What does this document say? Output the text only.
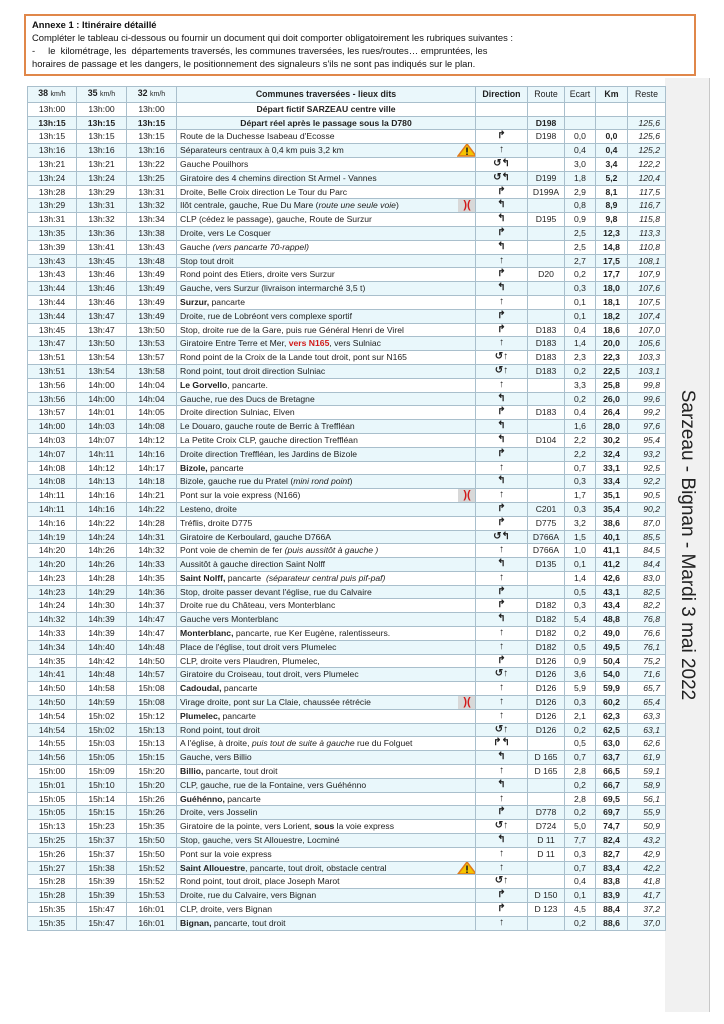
Annexe 1 : Itinéraire détaillé
Compléter le tableau ci-dessous ou fournir un document qui doit comporter obligatoirement les rubriques suivantes :
-     le  kilométrage, les  départements traversés, les communes traversées, les rues/routes… empruntées, les
horaires de passage et les dangers, le positionnement des signaleurs s'ils ne sont pas indiqués sur le plan.
Sarzeau - Bignan - Mardi 3 mai 2022
38 km/h	35 km/h	32 km/h	Communes traversées - lieux dits	Direction	Route	Ecart	Km	Reste
13h:00	13h:00	13h:00	Départ fictif SARZEAU centre ville					
13h:15	13h:15	13h:15	Départ réel après le passage sous la D780		D198			125,6
13h:15	13h:15	13h:15	Route de la Duchesse Isabeau d'Ecosse	↱	D198	0,0	0,0	125,6
13h:16	13h:16	13h:16	Séparateurs centraux à 0,4 km puis 3,2 km	↑		0,4	0,4	125,2
13h:21	13h:21	13h:22	Gauche Pouilhors	↺↰		3,0	3,4	122,2
13h:24	13h:24	13h:25	Giratoire des 4 chemins direction St Armel - Vannes	↺↰	D199	1,8	5,2	120,4
13h:28	13h:29	13h:31	Droite, Belle Croix direction Le Tour du Parc	↱	D199A	2,9	8,1	117,5
13h:29	13h:31	13h:32	Ilôt centrale, gauche, Rue Du Mare (route une seule voie) )(	↰		0,8	8,9	116,7
13h:31	13h:32	13h:34	CLP (cédez le passage), gauche, Route de Surzur	↰	D195	0,9	9,8	115,8
13h:35	13h:36	13h:38	Droite, vers Le Cosquer	↱		2,5	12,3	113,3
13h:39	13h:41	13h:43	Gauche (vers pancarte 70-rappel)	↰		2,5	14,8	110,8
13h:43	13h:45	13h:48	Stop tout droit	↑		2,7	17,5	108,1
13h:43	13h:46	13h:49	Rond point des Etiers, droite vers Surzur	↱	D20	0,2	17,7	107,9
13h:44	13h:46	13h:49	Gauche, vers Surzur (livraison intermarché 3,5 t)	↰		0,3	18,0	107,6
13h:44	13h:46	13h:49	Surzur, pancarte	↑		0,1	18,1	107,5
13h:44	13h:47	13h:49	Droite, rue de Lobréont vers complexe sportif	↱		0,1	18,2	107,4
13h:45	13h:47	13h:50	Stop, droite rue de la Gare, puis rue Général Henri de Virel	↱	D183	0,4	18,6	107,0
13h:47	13h:50	13h:53	Giratoire Entre Terre et Mer, vers N165, vers Sulniac	↑	D183	1,4	20,0	105,6
13h:51	13h:54	13h:57	Rond point de la Croix de la Lande tout droit, pont sur N165	↺↑	D183	2,3	22,3	103,3
13h:51	13h:54	13h:58	Rond point, tout droit direction Sulniac	↺↑	D183	0,2	22,5	103,1
13h:56	14h:00	14h:04	Le Gorvello, pancarte.	↑		3,3	25,8	99,8
13h:56	14h:00	14h:04	Gauche, rue des Ducs de Bretagne	↰		0,2	26,0	99,6
13h:57	14h:01	14h:05	Droite direction Sulniac, Elven	↱	D183	0,4	26,4	99,2
14h:00	14h:03	14h:08	Le Douaro, gauche route de Berric à Treffléan	↰		1,6	28,0	97,6
14h:03	14h:07	14h:12	La Petite Croix CLP, gauche direction Treffléan	↰	D104	2,2	30,2	95,4
14h:07	14h:11	14h:16	Droite direction Treffléan, les Jardins de Bizole	↱		2,2	32,4	93,2
14h:08	14h:12	14h:17	Bizole, pancarte	↑		0,7	33,1	92,5
14h:08	14h:13	14h:18	Bizole, gauche rue du Pratel (mini rond point)	↰		0,3	33,4	92,2
14h:11	14h:16	14h:21	Pont sur la voie express (N166) )(	↑		1,7	35,1	90,5
14h:11	14h:16	14h:22	Lesteno, droite	↱	C201	0,3	35,4	90,2
14h:16	14h:22	14h:28	Tréflis, droite D775	↱	D775	3,2	38,6	87,0
14h:19	14h:24	14h:31	Giratoire de Kerboulard, gauche D766A	↺↰	D766A	1,5	40,1	85,5
14h:20	14h:26	14h:32	Pont voie de chemin de fer (puis aussitôt à gauche )	↑	D766A	1,0	41,1	84,5
14h:20	14h:26	14h:33	Aussitôt à gauche direction Saint Nolff	↰	D135	0,1	41,2	84,4
14h:23	14h:28	14h:35	Saint Nolff, pancarte  (séparateur central puis pif-paf)	↑		1,4	42,6	83,0
14h:23	14h:29	14h:36	Stop, droite passer devant l'église, rue du Calvaire	↱		0,5	43,1	82,5
14h:24	14h:30	14h:37	Droite rue du Château, vers Monterblanc	↱	D182	0,3	43,4	82,2
14h:32	14h:39	14h:47	Gauche vers Monterblanc	↰	D182	5,4	48,8	76,8
14h:33	14h:39	14h:47	Monterblanc, pancarte, rue Ker Eugène, ralentisseurs.	↑	D182	0,2	49,0	76,6
14h:34	14h:40	14h:48	Place de l'église, tout droit vers Plumelec	↑	D182	0,5	49,5	76,1
14h:35	14h:42	14h:50	CLP, droite vers Plaudren, Plumelec,	↱	D126	0,9	50,4	75,2
14h:41	14h:48	14h:57	Giratoire du Croiseau, tout droit, vers Plumelec	↺↑	D126	3,6	54,0	71,6
14h:50	14h:58	15h:08	Cadoudal, pancarte	↑	D126	5,9	59,9	65,7
14h:50	14h:59	15h:08	Virage droite, pont sur La Claie, chaussée rétrécie )(	↑	D126	0,3	60,2	65,4
14h:54	15h:02	15h:12	Plumelec, pancarte	↑	D126	2,1	62,3	63,3
14h:54	15h:02	15h:13	Rond point, tout droit	↺↑	D126	0,2	62,5	63,1
14h:55	15h:03	15h:13	A l'église, à droite, puis tout de suite à gauche rue du Folguet	↱↰		0,5	63,0	62,6
14h:56	15h:05	15h:15	Gauche, vers Billio	↰	D 165	0,7	63,7	61,9
15h:00	15h:09	15h:20	Billio, pancarte, tout droit	↑	D 165	2,8	66,5	59,1
15h:01	15h:10	15h:20	CLP, gauche, rue de la Fontaine, vers Guéhénno	↰		0,2	66,7	58,9
15h:05	15h:14	15h:26	Guéhénno, pancarte	↑		2,8	69,5	56,1
15h:05	15h:15	15h:26	Droite, vers Josselin	↱	D778	0,2	69,7	55,9
15h:13	15h:23	15h:35	Giratoire de la pointe, vers Lorient, sous la voie express	↺↑	D724	5,0	74,7	50,9
15h:25	15h:37	15h:50	Stop, gauche, vers St Allouestre, Locminé	↰	D 11	7,7	82,4	43,2
15h:26	15h:37	15h:50	Pont sur la voie express	↑	D 11	0,3	82,7	42,9
15h:27	15h:38	15h:52	Saint Allouestre, pancarte, tout droit, obstacle central	↑		0,7	83,4	42,2
15h:28	15h:39	15h:52	Rond point, tout droit, place Joseph Marot	↺↑		0,4	83,8	41,8
15h:28	15h:39	15h:53	Droite, rue du Calvaire, vers Bignan	↱	D 150	0,1	83,9	41,7
15h:35	15h:47	16h:01	CLP, droite, vers Bignan	↱	D 123	4,5	88,4	37,2
15h:35	15h:47	16h:01	Bignan, pancarte, tout droit	↑		0,2	88,6	37,0
